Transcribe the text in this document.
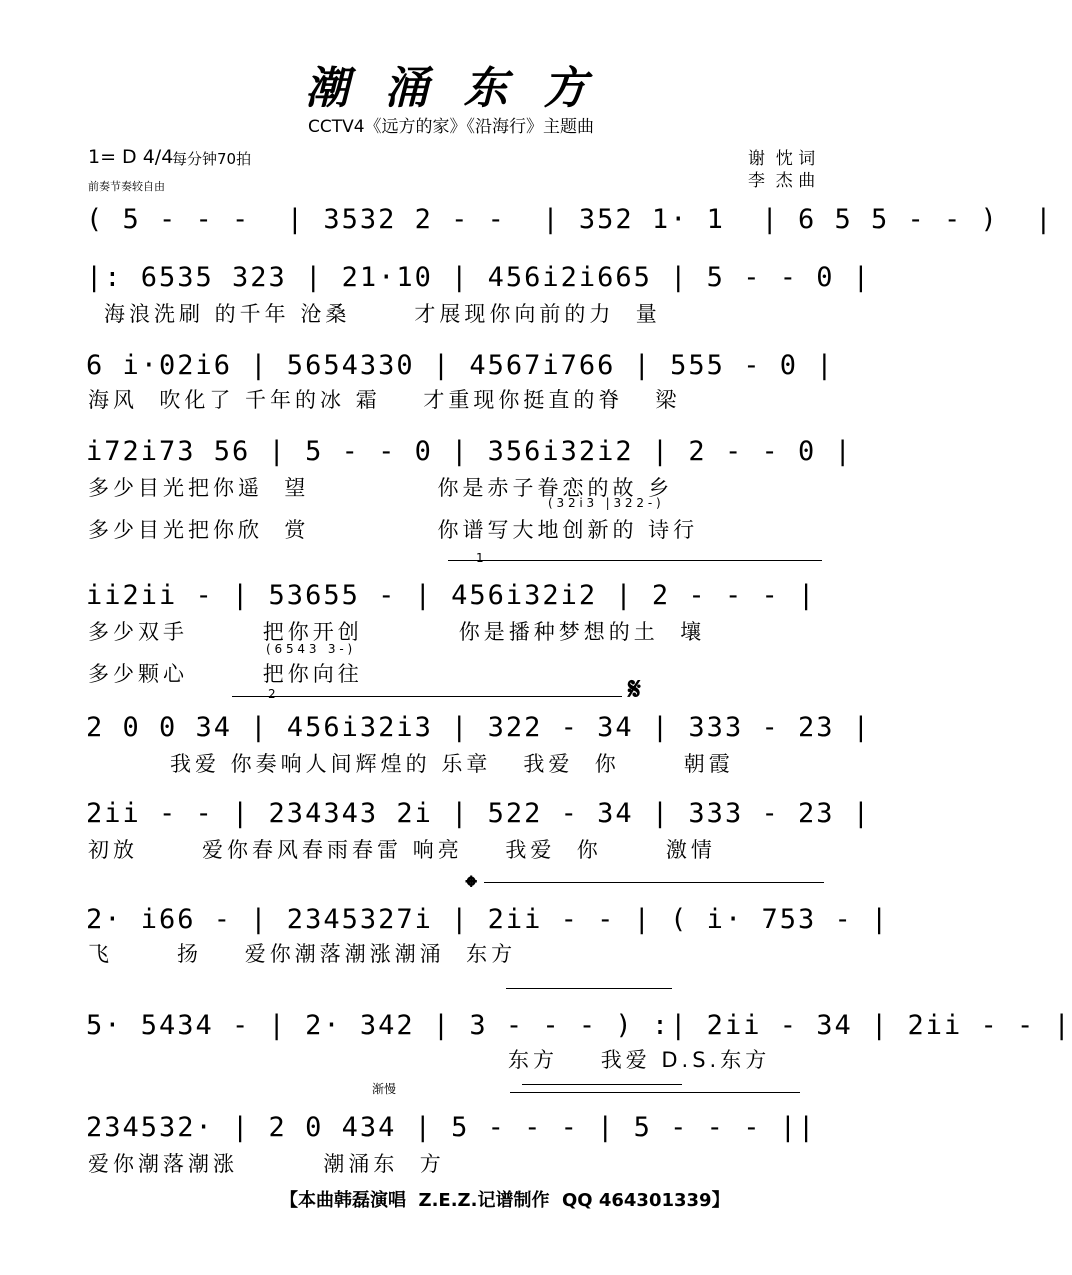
潮 涌 东 方
CCTV4《远方的家》《沿海行》主题曲
1= D 4/4
每分钟70拍
前奏节奏较自由
谢  忱 词
李  杰 曲
( 5 - - -  | 3532 2 - -  | 352 1· 1  | 6 5 5 - - )  |
|: 6535 323 | 21·10 | 456i2i665 | 5 - - 0 |
海浪洗刷 的千年 沧桑      才展现你向前的力  量
6 i·02i6 | 5654330 | 4567i766 | 555 - 0 |
海风  吹化了 千年的冰 霜    才重现你挺直的脊   梁
i72i73 56 | 5 - - 0 | 356i32i2 | 2 - - 0 |
多少目光把你遥  望            你是赤子眷恋的故 乡
( 3 2 i 3   | 3 2 2 - )
多少目光把你欣  赏            你谱写大地创新的 诗行
1
ii2ii - | 53655 - | 456i32i2 | 2 - - - |
多少双手       把你开创         你是播种梦想的土  壤
( 6 5 4 3   3 - )
多少颗心       把你向往
2	𝄋
2 0 0 34 | 456i32i3 | 322 - 34 | 333 - 23 |
我爱 你奏响人间辉煌的 乐章   我爱  你      朝霞
2ii - - | 234343 2i | 522 - 34 | 333 - 23 |
初放      爱你春风春雨春雷 响亮    我爱  你      激情
𝄌
2· i66 - | 2345327i | 2ii - - | ( i· 753 - |
飞      扬    爱你潮落潮涨潮涌  东方
5· 5434 - | 2· 342 | 3 - - - ) :| 2ii - 34 | 2ii - - |
东方    我爱 D.S.东方
渐慢
234532· | 2 0 434 | 5 - - - | 5 - - - ||
爱你潮落潮涨        潮涌东  方
【本曲韩磊演唱  Z.E.Z.记谱制作  QQ 464301339】
